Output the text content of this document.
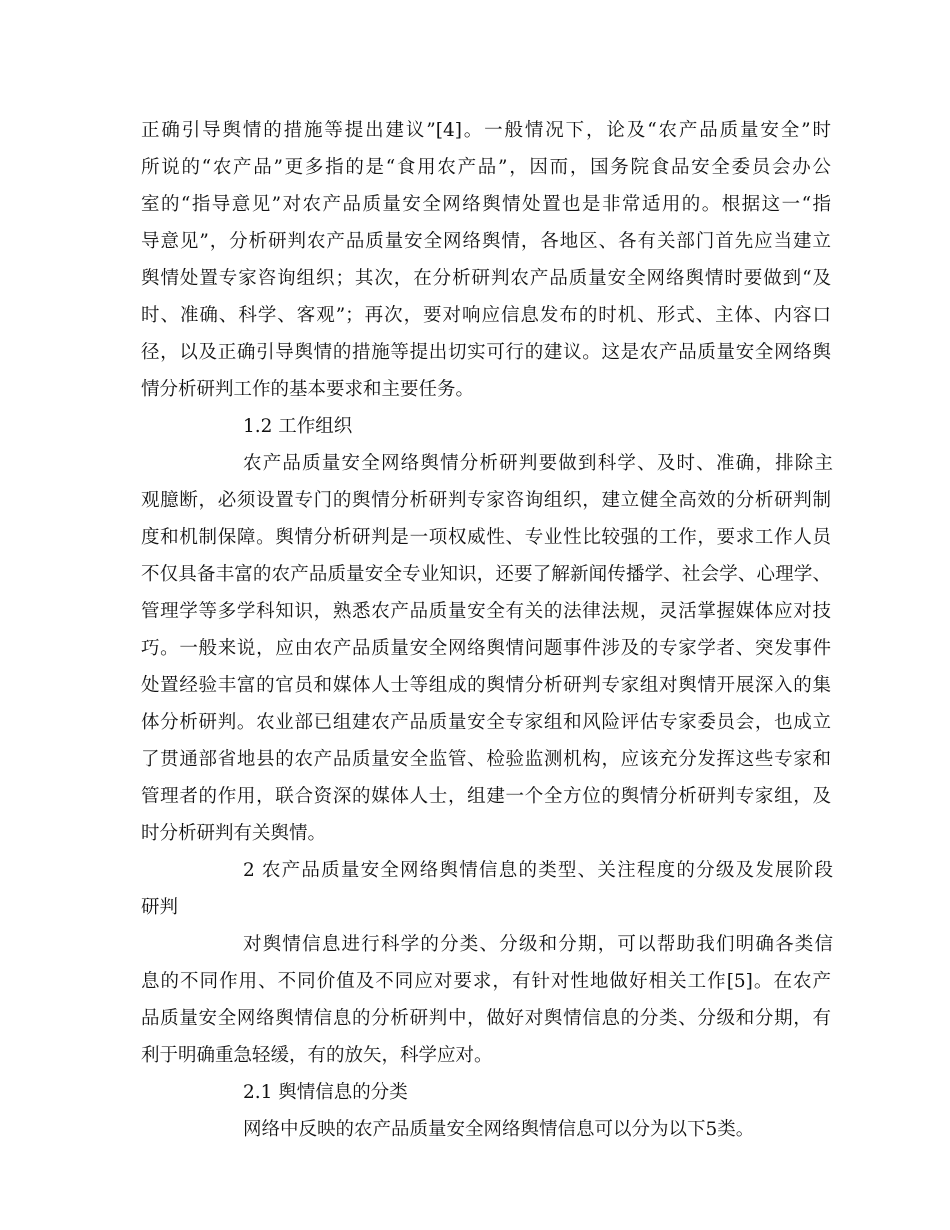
正确引导舆情的措施等提出建议”[4]。一般情况下，论及“农产品质量安全”时
所说的“农产品”更多指的是“食用农产品”，因而，国务院食品安全委员会办公
室的“指导意见”对农产品质量安全网络舆情处置也是非常适用的。根据这一“指
导意见”，分析研判农产品质量安全网络舆情，各地区、各有关部门首先应当建立
舆情处置专家咨询组织；其次，在分析研判农产品质量安全网络舆情时要做到“及
时、准确、科学、客观”；再次，要对响应信息发布的时机、形式、主体、内容口
径，以及正确引导舆情的措施等提出切实可行的建议。这是农产品质量安全网络舆
情分析研判工作的基本要求和主要任务。
1.2 工作组织
农产品质量安全网络舆情分析研判要做到科学、及时、准确，排除主
观臆断，必须设置专门的舆情分析研判专家咨询组织，建立健全高效的分析研判制
度和机制保障。舆情分析研判是一项权威性、专业性比较强的工作，要求工作人员
不仅具备丰富的农产品质量安全专业知识，还要了解新闻传播学、社会学、心理学、
管理学等多学科知识，熟悉农产品质量安全有关的法律法规，灵活掌握媒体应对技
巧。一般来说，应由农产品质量安全网络舆情问题事件涉及的专家学者、突发事件
处置经验丰富的官员和媒体人士等组成的舆情分析研判专家组对舆情开展深入的集
体分析研判。农业部已组建农产品质量安全专家组和风险评估专家委员会，也成立
了贯通部省地县的农产品质量安全监管、检验监测机构，应该充分发挥这些专家和
管理者的作用，联合资深的媒体人士，组建一个全方位的舆情分析研判专家组，及
时分析研判有关舆情。
2 农产品质量安全网络舆情信息的类型、关注程度的分级及发展阶段
研判
对舆情信息进行科学的分类、分级和分期，可以帮助我们明确各类信
息的不同作用、不同价值及不同应对要求，有针对性地做好相关工作[5]。在农产
品质量安全网络舆情信息的分析研判中，做好对舆情信息的分类、分级和分期，有
利于明确重急轻缓，有的放矢，科学应对。
2.1 舆情信息的分类
网络中反映的农产品质量安全网络舆情信息可以分为以下5类。
